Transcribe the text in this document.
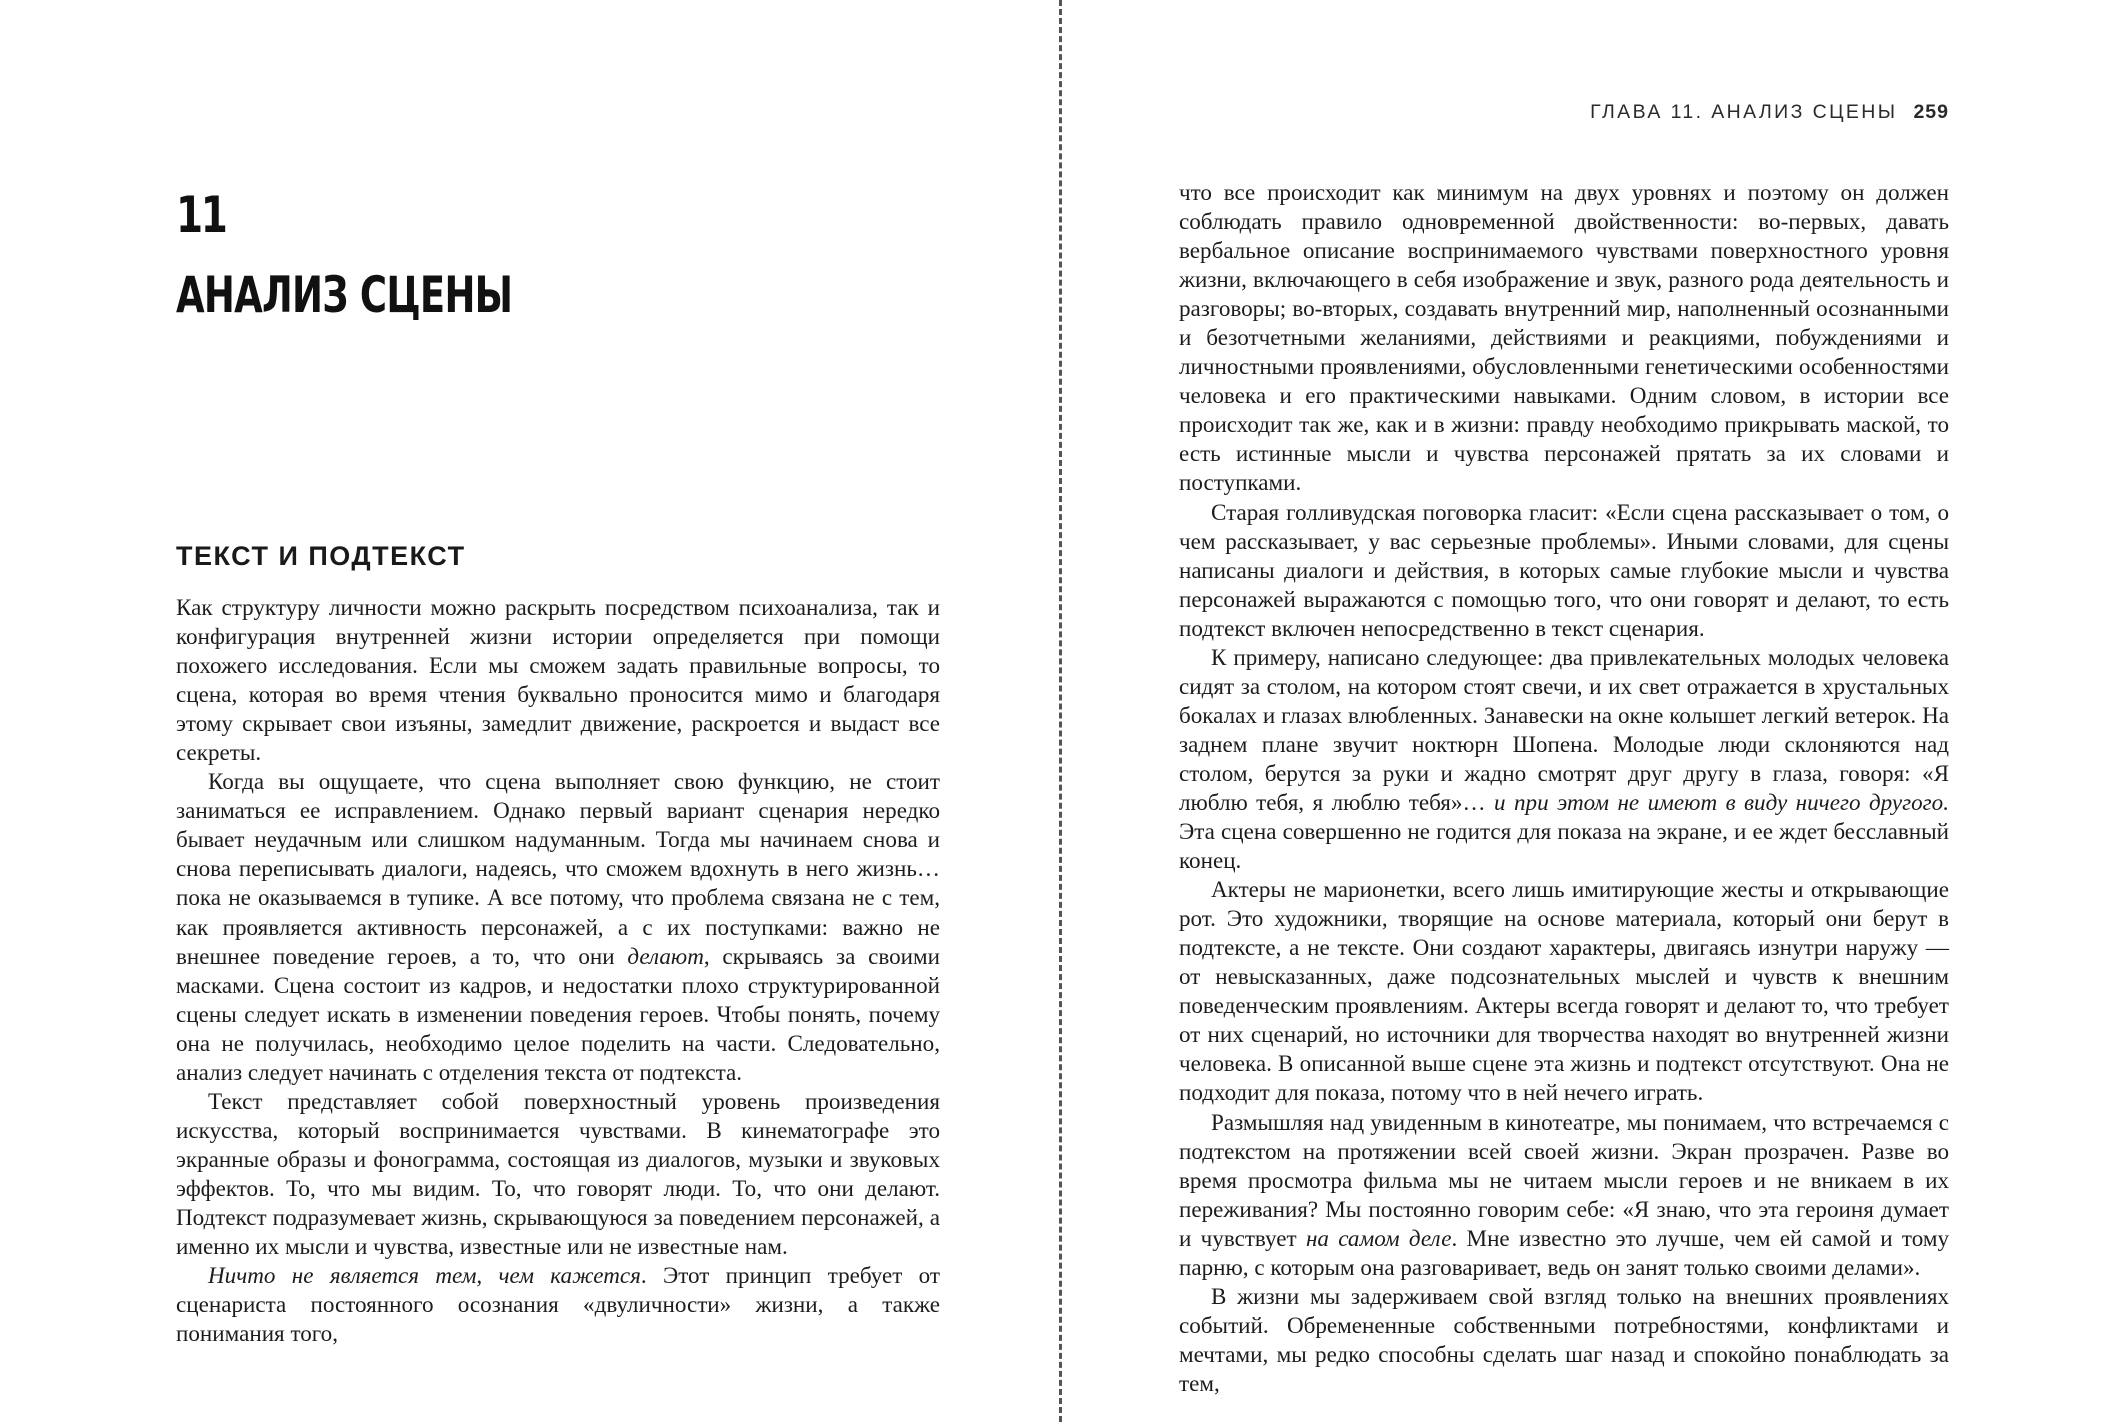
11
АНАЛИЗ СЦЕНЫ
ТЕКСТ И ПОДТЕКСТ

Как структуру личности можно раскрыть посредством психоанализа, так и конфигурация внутренней жизни истории определяется при помощи похожего исследования. Если мы сможем задать правильные вопросы, то сцена, которая во время чтения буквально проносится мимо и благодаря этому скрывает свои изъяны, замедлит движение, раскроется и выдаст все секреты.

Когда вы ощущаете, что сцена выполняет свою функцию, не стоит заниматься ее исправлением. Однако первый вариант сценария нередко бывает неудачным или слишком надуманным. Тогда мы начинаем снова и снова переписывать диалоги, надеясь, что сможем вдохнуть в него жизнь… пока не оказываемся в тупике. А все потому, что проблема связана не с тем, как проявляется активность персонажей, а с их поступками: важно не внешнее поведение героев, а то, что они делают, скрываясь за своими масками. Сцена состоит из кадров, и недостатки плохо структурированной сцены следует искать в изменении поведения героев. Чтобы понять, почему она не получилась, необходимо целое поделить на части. Следовательно, анализ следует начинать с отделения текста от подтекста.

Текст представляет собой поверхностный уровень произведения искусства, который воспринимается чувствами. В кинематографе это экранные образы и фонограмма, состоящая из диалогов, музыки и звуковых эффектов. То, что мы видим. То, что говорят люди. То, что они делают. Подтекст подразумевает жизнь, скрывающуюся за поведением персонажей, а именно их мысли и чувства, известные или не известные нам.

Ничто не является тем, чем кажется. Этот принцип требует от сценариста постоянного осознания «двуличности» жизни, а также понимания того,

ГЛАВА 11. АНАЛИЗ СЦЕНЫ 259

что все происходит как минимум на двух уровнях и поэтому он должен соблюдать правило одновременной двойственности: во-первых, давать вербальное описание воспринимаемого чувствами поверхностного уровня жизни, включающего в себя изображение и звук, разного рода деятельность и разговоры; во-вторых, создавать внутренний мир, наполненный осознанными и безотчетными желаниями, действиями и реакциями, побуждениями и личностными проявлениями, обусловленными генетическими особенностями человека и его практическими навыками. Одним словом, в истории все происходит так же, как и в жизни: правду необходимо прикрывать маской, то есть истинные мысли и чувства персонажей прятать за их словами и поступками.

Старая голливудская поговорка гласит: «Если сцена рассказывает о том, о чем рассказывает, у вас серьезные проблемы». Иными словами, для сцены написаны диалоги и действия, в которых самые глубокие мысли и чувства персонажей выражаются с помощью того, что они говорят и делают, то есть подтекст включен непосредственно в текст сценария.

К примеру, написано следующее: два привлекательных молодых человека сидят за столом, на котором стоят свечи, и их свет отражается в хрустальных бокалах и глазах влюбленных. Занавески на окне колышет легкий ветерок. На заднем плане звучит ноктюрн Шопена. Молодые люди склоняются над столом, берутся за руки и жадно смотрят друг другу в глаза, говоря: «Я люблю тебя, я люблю тебя»… и при этом не имеют в виду ничего другого. Эта сцена совершенно не годится для показа на экране, и ее ждет бесславный конец.

Актеры не марионетки, всего лишь имитирующие жесты и открывающие рот. Это художники, творящие на основе материала, который они берут в подтексте, а не тексте. Они создают характеры, двигаясь изнутри наружу — от невысказанных, даже подсознательных мыслей и чувств к внешним поведенческим проявлениям. Актеры всегда говорят и делают то, что требует от них сценарий, но источники для творчества находят во внутренней жизни человека. В описанной выше сцене эта жизнь и подтекст отсутствуют. Она не подходит для показа, потому что в ней нечего играть.

Размышляя над увиденным в кинотеатре, мы понимаем, что встречаемся с подтекстом на протяжении всей своей жизни. Экран прозрачен. Разве во время просмотра фильма мы не читаем мысли героев и не вникаем в их переживания? Мы постоянно говорим себе: «Я знаю, что эта героиня думает и чувствует на самом деле. Мне известно это лучше, чем ей самой и тому парню, с которым она разговаривает, ведь он занят только своими делами».

В жизни мы задерживаем свой взгляд только на внешних проявлениях событий. Обремененные собственными потребностями, конфликтами и мечтами, мы редко способны сделать шаг назад и спокойно понаблюдать за тем,
